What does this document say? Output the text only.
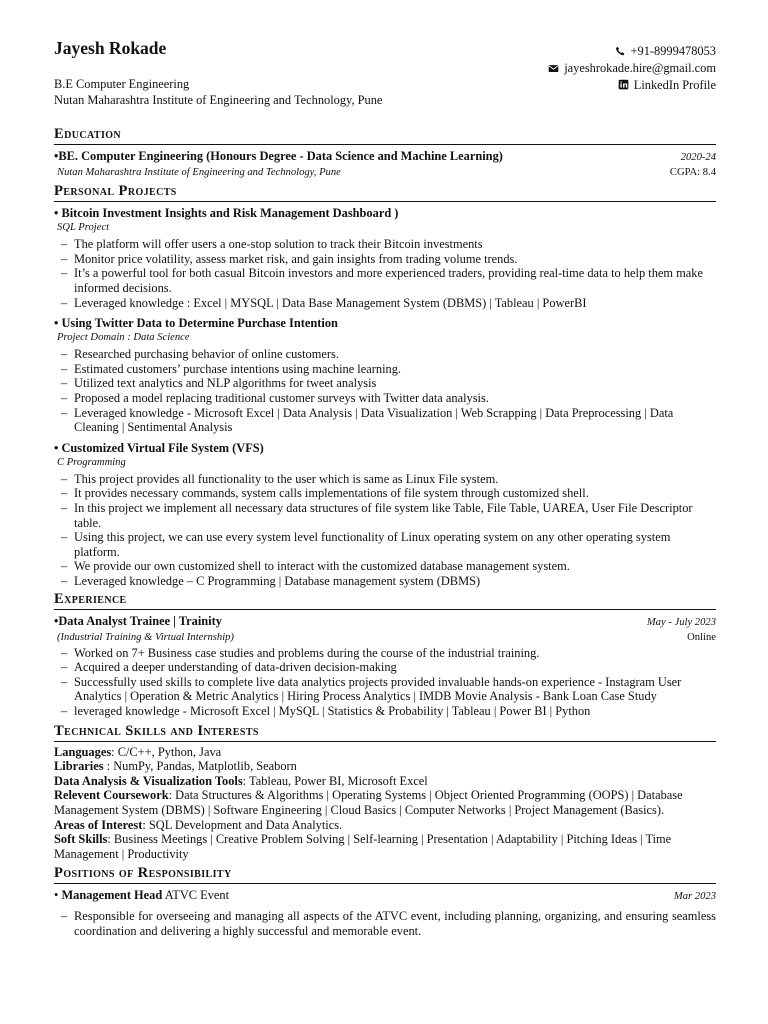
Jayesh Rokade
B.E Computer Engineering
Nutan Maharashtra Institute of Engineering and Technology, Pune
+91-8999478053
jayeshrokade.hire@gmail.com
LinkedIn Profile
Education
•BE. Computer Engineering (Honours Degree - Data Science and Machine Learning)	2020-24
Nutan Maharashtra Institute of Engineering and Technology, Pune	CGPA: 8.4
Personal Projects
• Bitcoin Investment Insights and Risk Management Dashboard )
SQL Project
– The platform will offer users a one-stop solution to track their Bitcoin investments
– Monitor price volatility, assess market risk, and gain insights from trading volume trends.
– It’s a powerful tool for both casual Bitcoin investors and more experienced traders, providing real-time data to help them make informed decisions.
– Leveraged knowledge : Excel | MYSQL | Data Base Management System (DBMS) | Tableau | PowerBI
• Using Twitter Data to Determine Purchase Intention
Project Domain : Data Science
– Researched purchasing behavior of online customers.
– Estimated customers’ purchase intentions using machine learning.
– Utilized text analytics and NLP algorithms for tweet analysis
– Proposed a model replacing traditional customer surveys with Twitter data analysis.
– Leveraged knowledge - Microsoft Excel | Data Analysis | Data Visualization | Web Scrapping | Data Preprocessing | Data Cleaning | Sentimental Analysis
• Customized Virtual File System (VFS)
C Programming
– This project provides all functionality to the user which is same as Linux File system.
– It provides necessary commands, system calls implementations of file system through customized shell.
– In this project we implement all necessary data structures of file system like Table, File Table, UAREA, User File Descriptor table.
– Using this project, we can use every system level functionality of Linux operating system on any other operating system platform.
– We provide our own customized shell to interact with the customized database management system.
– Leveraged knowledge – C Programming | Database management system (DBMS)
Experience
•Data Analyst Trainee | Trainity	May - July 2023
(Industrial Training & Virtual Internship)	Online
– Worked on 7+ Business case studies and problems during the course of the industrial training.
– Acquired a deeper understanding of data-driven decision-making
– Successfully used skills to complete live data analytics projects provided invaluable hands-on experience - Instagram User Analytics | Operation & Metric Analytics | Hiring Process Analytics | IMDB Movie Analysis - Bank Loan Case Study
– leveraged knowledge - Microsoft Excel | MySQL | Statistics & Probability | Tableau | Power BI | Python
Technical Skills and Interests

Languages: C/C++, Python, Java

Libraries : NumPy, Pandas, Matplotlib, Seaborn

Data Analysis & Visualization Tools: Tableau, Power BI, Microsoft Excel

Relevent Coursework: Data Structures & Algorithms | Operating Systems | Object Oriented Programming (OOPS) | Database Management System (DBMS) | Software Engineering | Cloud Basics | Computer Networks | Project Management (Basics).

Areas of Interest: SQL Development and Data Analytics.

Soft Skills: Business Meetings | Creative Problem Solving | Self-learning | Presentation | Adaptability | Pitching Ideas | Time Management | Productivity

Positions of Responsibility
• Management Head ATVC Event	Mar 2023
– Responsible for overseeing and managing all aspects of the ATVC event, including planning, organizing, and ensuring seamless coordination and delivering a highly successful and memorable event.
